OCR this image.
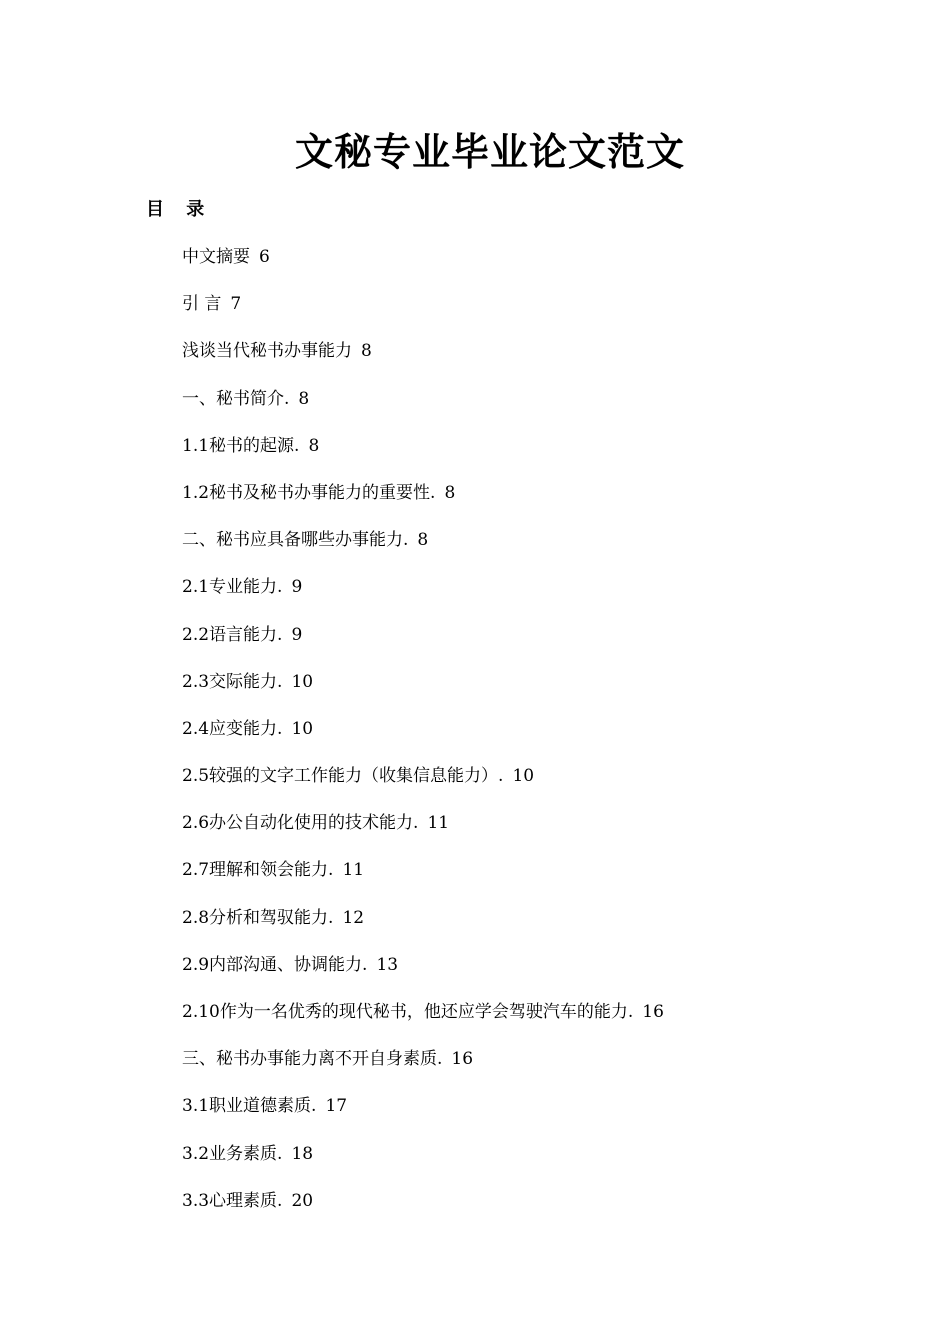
文秘专业毕业论文范文
目 录
中文摘要 6
引 言 7
浅谈当代秘书办事能力 8
一、秘书简介. 8
1.1秘书的起源. 8
1.2秘书及秘书办事能力的重要性. 8
二、秘书应具备哪些办事能力. 8
2.1专业能力. 9
2.2语言能力. 9
2.3交际能力. 10
2.4应变能力. 10
2.5较强的文字工作能力（收集信息能力）. 10
2.6办公自动化使用的技术能力. 11
2.7理解和领会能力. 11
2.8分析和驾驭能力. 12
2.9内部沟通、协调能力. 13
2.10作为一名优秀的现代秘书，他还应学会驾驶汽车的能力. 16
三、秘书办事能力离不开自身素质. 16
3.1职业道德素质. 17
3.2业务素质. 18
3.3心理素质. 20
